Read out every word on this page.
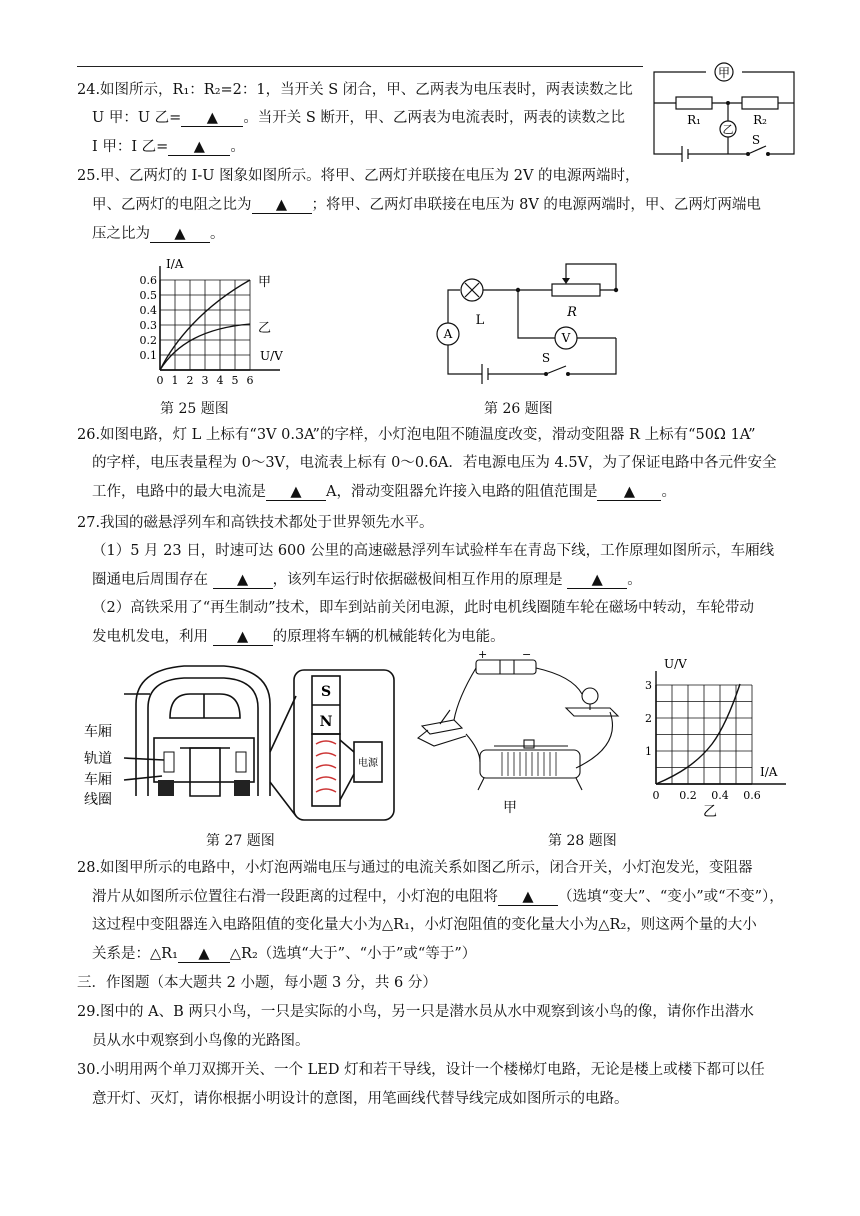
24.如图所示，R₁：R₂=2：1，当开关 S 闭合，甲、乙两表为电压表时，两表读数之比
U 甲：U 乙= ▲ 。当开关 S 断开，甲、乙两表为电流表时，两表的读数之比
I 甲：I 乙= ▲ 。
甲
乙
R₁	R₂
S
25.甲、乙两灯的 I-U 图象如图所示。将甲、乙两灯并联接在电压为 2V 的电源两端时，
甲、乙两灯的电阻之比为 ▲ ；将甲、乙两灯串联接在电压为 8V 的电源两端时，甲、乙两灯两端电
压之比为 ▲ 。
I/A
U/V
0.6
0.5
0.4
0.3
0.2
0.1
0 1 2 3 4 5 6
甲
乙
第 25 题图
A	V
L
R
S
第 26 题图
26.如图电路，灯 L 上标有“3V 0.3A”的字样，小灯泡电阻不随温度改变，滑动变阻器 R 上标有“50Ω 1A”
的字样，电压表量程为 0～3V，电流表上标有 0～0.6A．若电源电压为 4.5V，为了保证电路中各元件安全
工作，电路中的最大电流是 ▲ A，滑动变阻器允许接入电路的阻值范围是 ▲ 。
27.我国的磁悬浮列车和高铁技术都处于世界领先水平。
（1）5 月 23 日，时速可达 600 公里的高速磁悬浮列车试验样车在青岛下线，工作原理如图所示，车厢线
圈通电后周围存在 ▲ ，该列车运行时依据磁极间相互作用的原理是 ▲ 。
（2）高铁采用了“再生制动”技术，即车到站前关闭电源，此时电机线圈随车轮在磁场中转动，车轮带动
发电机发电，利用 ▲ 的原理将车辆的机械能转化为电能。
车厢
轨道
车厢
线圈
S
N
电源
第 27 题图
+	−
甲
U/V
I/A
3
2
1
0 0.2 0.4 0.6
乙
第 28 题图
28.如图甲所示的电路中，小灯泡两端电压与通过的电流关系如图乙所示，闭合开关，小灯泡发光，变阻器
滑片从如图所示位置往右滑一段距离的过程中，小灯泡的电阻将 ▲ （选填“变大”、“变小”或“不变”），
这过程中变阻器连入电路阻值的变化量大小为△R₁，小灯泡阻值的变化量大小为△R₂，则这两个量的大小
关系是：△R₁ ▲ △R₂（选填“大于”、“小于”或“等于”）
三．作图题（本大题共 2 小题，每小题 3 分，共 6 分）
29.图中的 A、B 两只小鸟，一只是实际的小鸟，另一只是潜水员从水中观察到该小鸟的像，请你作出潜水
员从水中观察到小鸟像的光路图。
30.小明用两个单刀双掷开关、一个 LED 灯和若干导线，设计一个楼梯灯电路，无论是楼上或楼下都可以任
意开灯、灭灯，请你根据小明设计的意图，用笔画线代替导线完成如图所示的电路。
